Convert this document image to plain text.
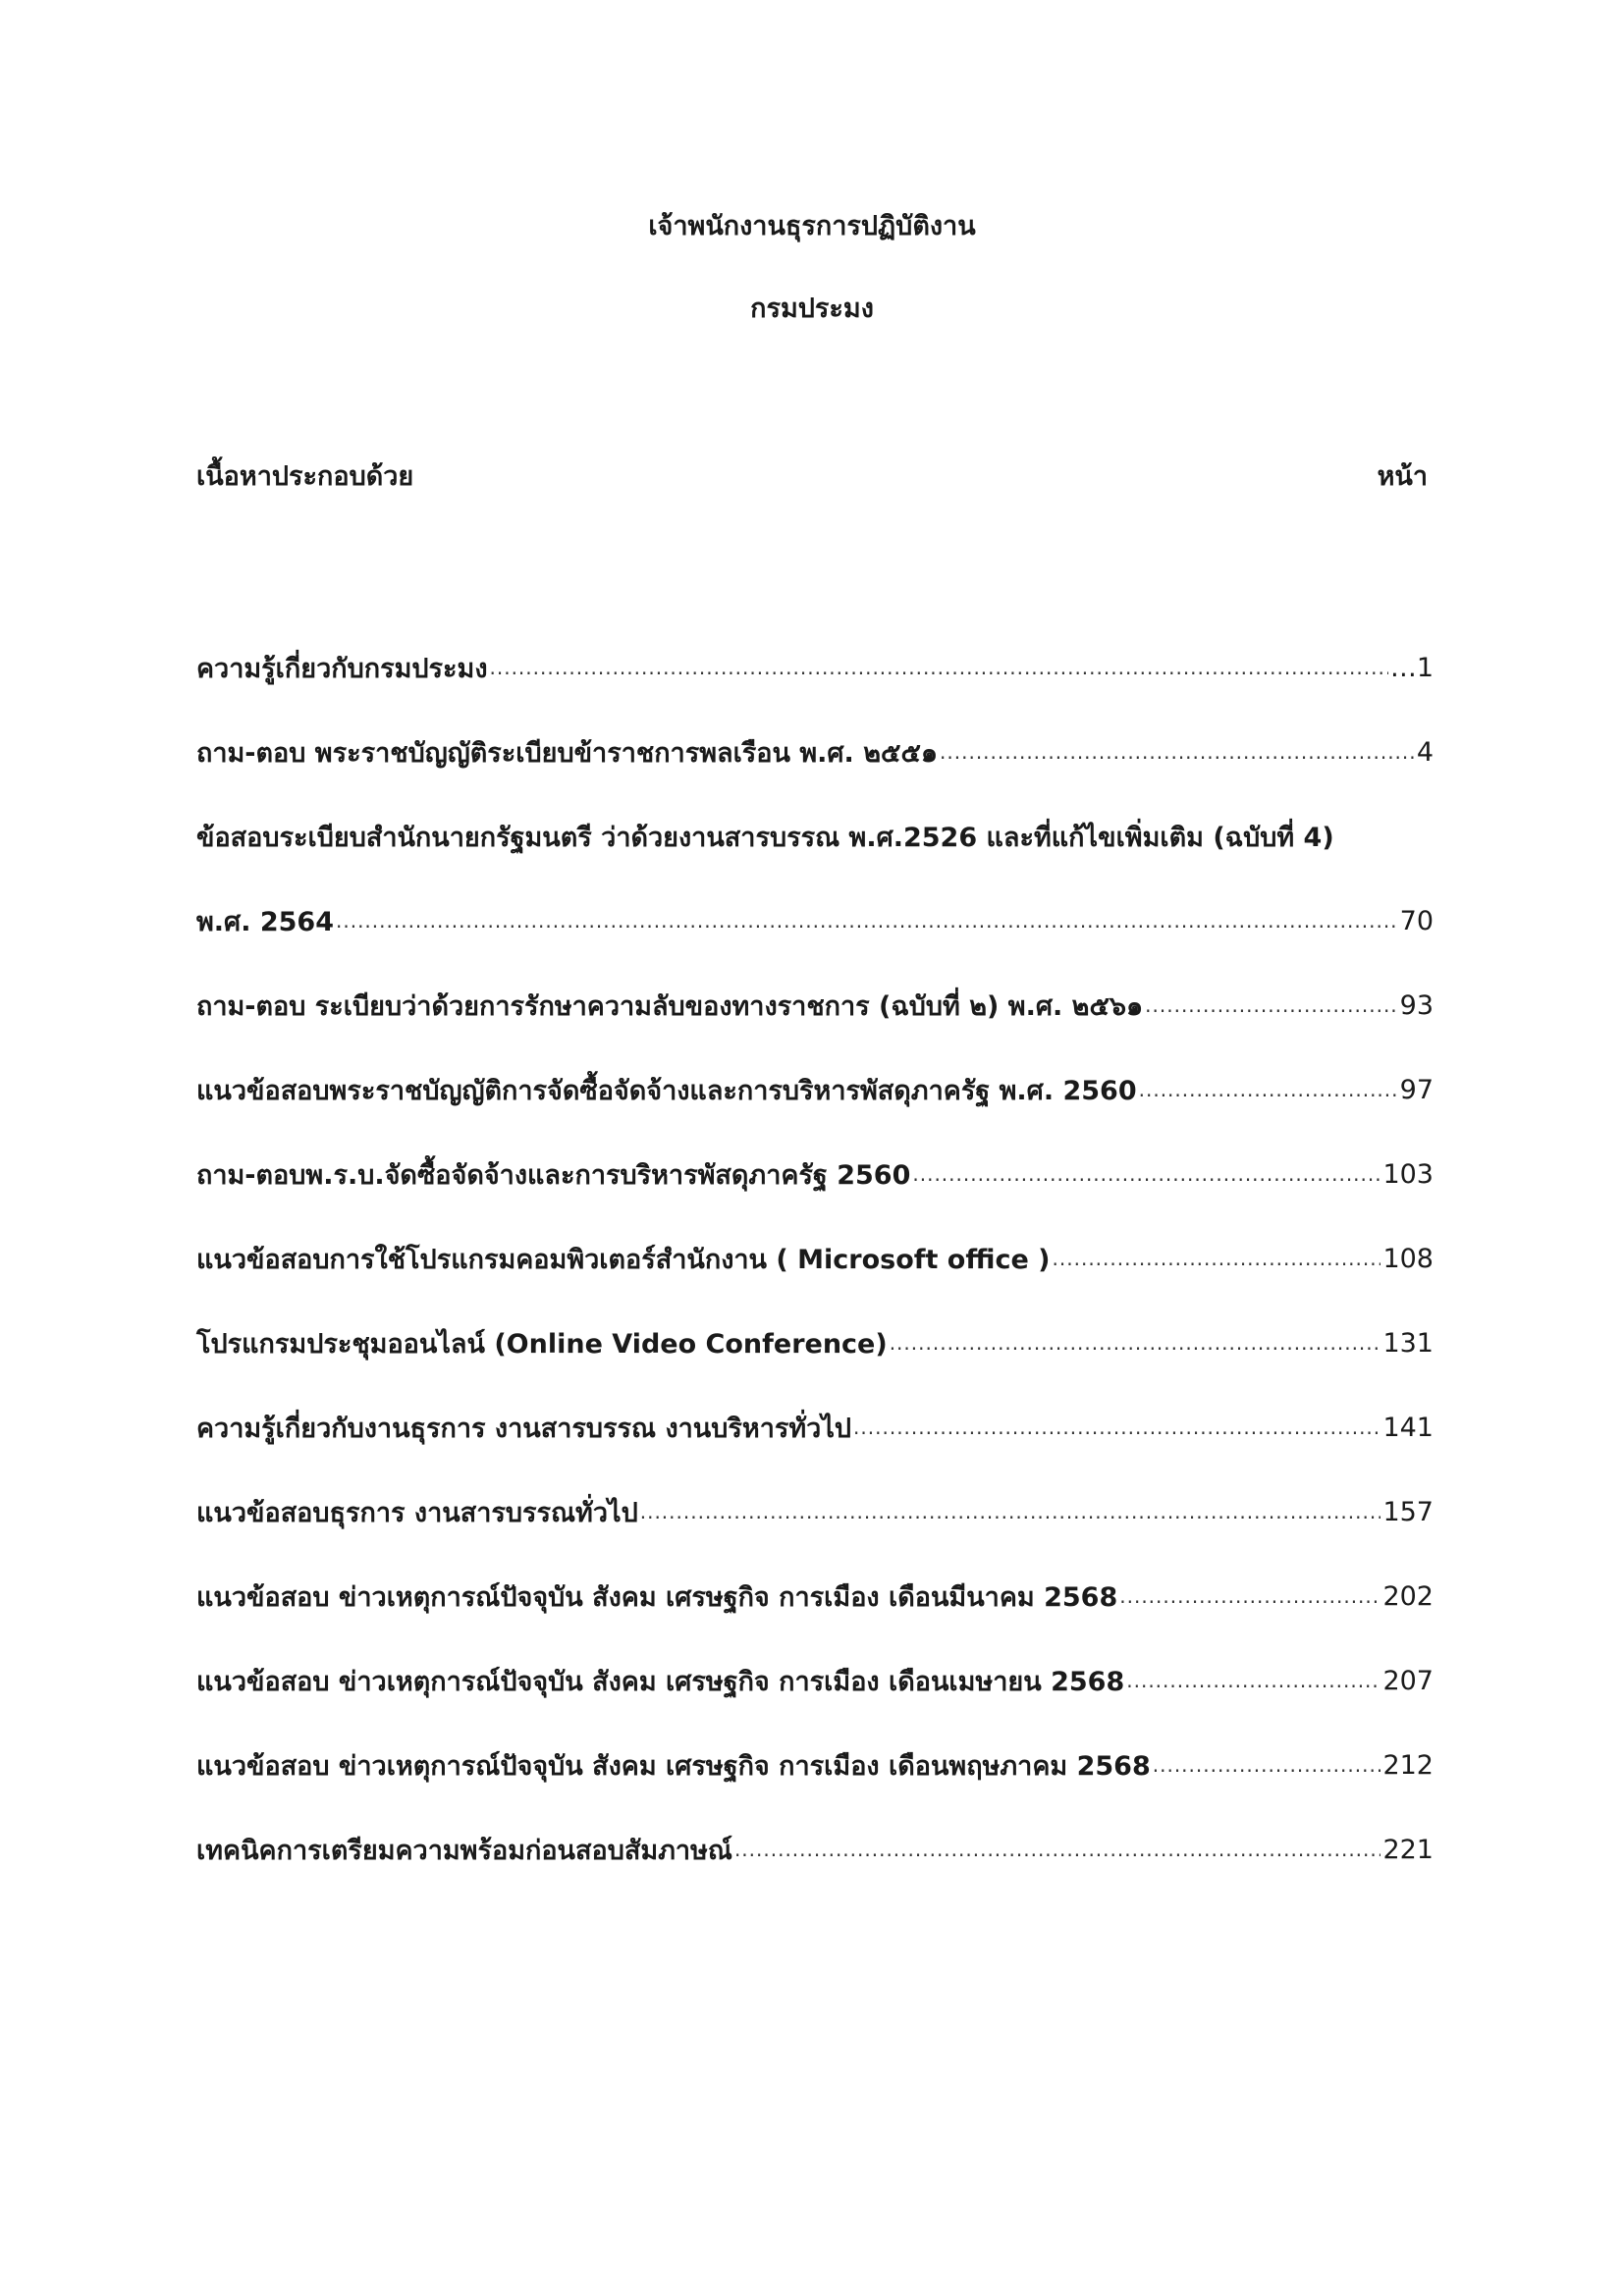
เจ้าพนักงานธุรการปฏิบัติงาน
กรมประมง
เนื้อหาประกอบด้วย	หน้า
ความรู้เกี่ยวกับกรมประมง .....	…1
ถาม-ตอบ พระราชบัญญัติระเบียบข้าราชการพลเรือน พ.ศ. ๒๕๕๑ .....	4
ข้อสอบระเบียบสำนักนายกรัฐมนตรี ว่าด้วยงานสารบรรณ พ.ศ.2526 และที่แก้ไขเพิ่มเติม (ฉบับที่ 4)
พ.ศ. 2564 .....	70
ถาม-ตอบ ระเบียบว่าด้วยการรักษาความลับของทางราชการ (ฉบับที่ ๒) พ.ศ. ๒๕๖๑ .....	93
แนวข้อสอบพระราชบัญญัติการจัดซื้อจัดจ้างและการบริหารพัสดุภาครัฐ พ.ศ. 2560 .....	97
ถาม-ตอบพ.ร.บ.จัดซื้อจัดจ้างและการบริหารพัสดุภาครัฐ 2560 .....	103
แนวข้อสอบการใช้โปรแกรมคอมพิวเตอร์สำนักงาน ( Microsoft office ) .....	108
โปรแกรมประชุมออนไลน์ (Online Video Conference) .....	131
ความรู้เกี่ยวกับงานธุรการ งานสารบรรณ งานบริหารทั่วไป .....	141
แนวข้อสอบธุรการ งานสารบรรณทั่วไป .....	157
แนวข้อสอบ ข่าวเหตุการณ์ปัจจุบัน สังคม เศรษฐกิจ การเมือง เดือนมีนาคม 2568 .....	202
แนวข้อสอบ ข่าวเหตุการณ์ปัจจุบัน สังคม เศรษฐกิจ การเมือง เดือนเมษายน 2568 .....	207
แนวข้อสอบ ข่าวเหตุการณ์ปัจจุบัน สังคม เศรษฐกิจ การเมือง เดือนพฤษภาคม 2568 .....	212
เทคนิคการเตรียมความพร้อมก่อนสอบสัมภาษณ์ .....	221
